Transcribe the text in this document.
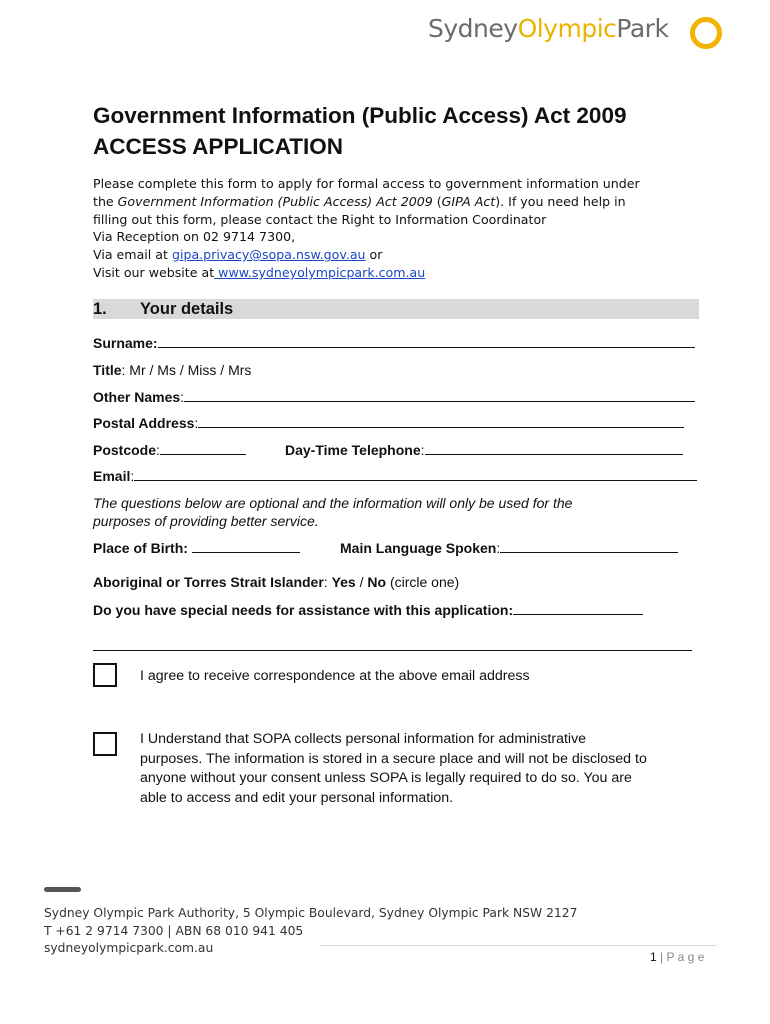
SydneyOlympicPark
Government Information (Public Access) Act 2009
ACCESS APPLICATION
Please complete this form to apply for formal access to government information under
the Government Information (Public Access) Act 2009 (GIPA Act). If you need help in
filling out this form, please contact the Right to Information Coordinator
Via Reception on 02 9714 7300,
Via email at gipa.privacy@sopa.nsw.gov.au or
Visit our website at www.sydneyolympicpark.com.au
1. Your details
Surname:
Title: Mr / Ms / Miss / Mrs
Other Names:
Postal Address:
Postcode:	Day-Time Telephone:
Email:
The questions below are optional and the information will only be used for the
purposes of providing better service.
Place of Birth:	Main Language Spoken:
Aboriginal or Torres Strait Islander: Yes / No (circle one)
Do you have special needs for assistance with this application:
I agree to receive correspondence at the above email address
I Understand that SOPA collects personal information for administrative
purposes. The information is stored in a secure place and will not be disclosed to
anyone without your consent unless SOPA is legally required to do so. You are
able to access and edit your personal information.
Sydney Olympic Park Authority, 5 Olympic Boulevard, Sydney Olympic Park NSW 2127
T +61 2 9714 7300 | ABN 68 010 941 405
sydneyolympicpark.com.au
1 | P a g e
